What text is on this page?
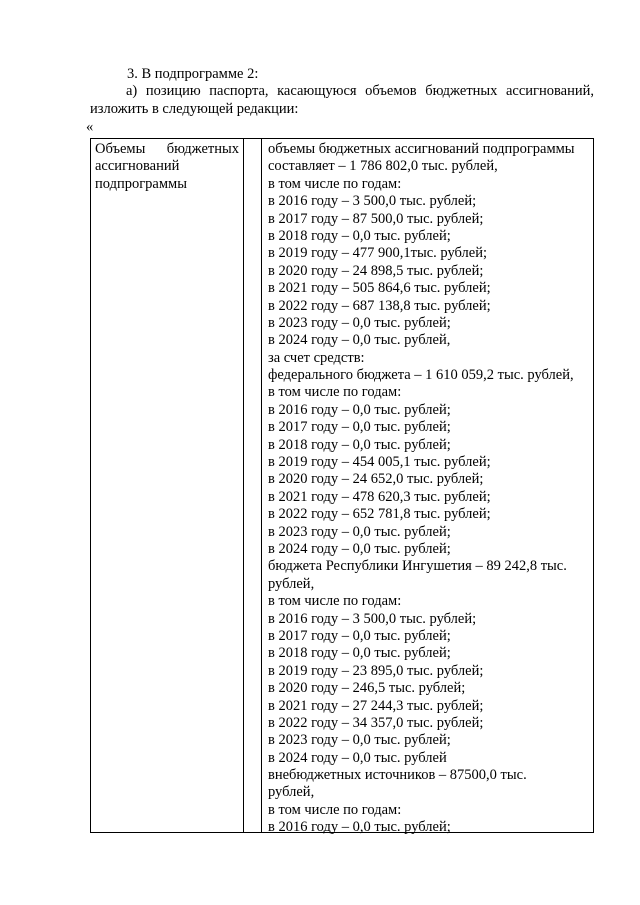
3. В подпрограмме 2:
а) позицию паспорта, касающуюся объемов бюджетных ассигнований,
изложить в следующей редакции:
«
Объемы бюджетных
ассигнований
подпрограммы
объемы бюджетных ассигнований подпрограммы
составляет – 1 786 802,0 тыс. рублей,
в том числе по годам:
в 2016 году – 3 500,0 тыс. рублей;
в 2017 году – 87 500,0 тыс. рублей;
в 2018 году – 0,0 тыс. рублей;
в 2019 году – 477 900,1тыс. рублей;
в 2020 году – 24 898,5 тыс. рублей;
в 2021 году – 505 864,6 тыс. рублей;
в 2022 году – 687 138,8 тыс. рублей;
в 2023 году – 0,0 тыс. рублей;
в 2024 году – 0,0 тыс. рублей,
за счет средств:
федерального бюджета – 1 610 059,2 тыс. рублей,
в том числе по годам:
в 2016 году – 0,0 тыс. рублей;
в 2017 году – 0,0 тыс. рублей;
в 2018 году – 0,0 тыс. рублей;
в 2019 году – 454 005,1 тыс. рублей;
в 2020 году – 24 652,0 тыс. рублей;
в 2021 году – 478 620,3 тыс. рублей;
в 2022 году – 652 781,8 тыс. рублей;
в 2023 году – 0,0 тыс. рублей;
в 2024 году – 0,0 тыс. рублей;
бюджета Республики Ингушетия – 89 242,8 тыс.
рублей,
в том числе по годам:
в 2016 году – 3 500,0 тыс. рублей;
в 2017 году – 0,0 тыс. рублей;
в 2018 году – 0,0 тыс. рублей;
в 2019 году – 23 895,0 тыс. рублей;
в 2020 году – 246,5 тыс. рублей;
в 2021 году – 27 244,3 тыс. рублей;
в 2022 году – 34 357,0 тыс. рублей;
в 2023 году – 0,0 тыс. рублей;
в 2024 году – 0,0 тыс. рублей
внебюджетных источников – 87500,0 тыс.
рублей,
в том числе по годам:
в 2016 году – 0,0 тыс. рублей;
